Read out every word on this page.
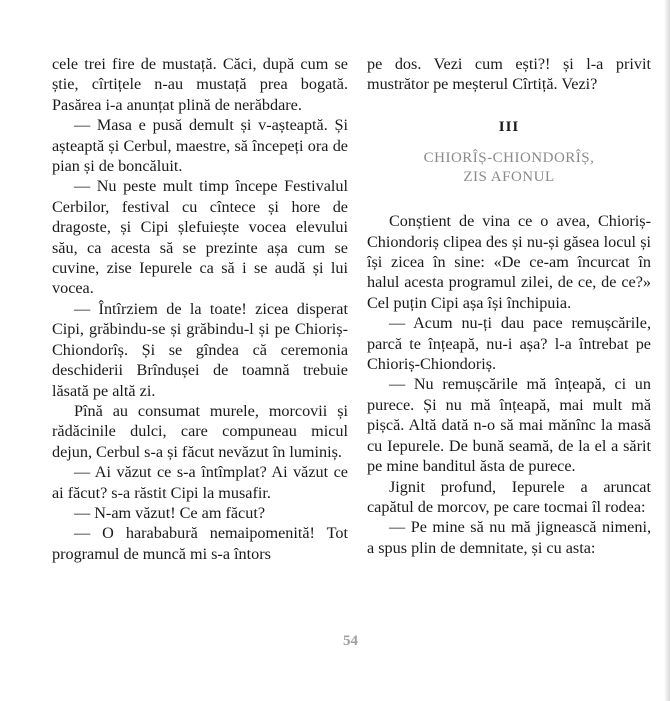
cele trei fire de mustață. Căci, după cum se știe, cîrtițele n-au mustață prea bogată. Pasărea i-a anunțat plină de nerăbdare.

— Masa e pusă demult și v-așteaptă. Și așteaptă și Cerbul, maestre, să începeți ora de pian și de boncăluit.

— Nu peste mult timp începe Festivalul Cerbilor, festival cu cîntece și hore de dragoste, și Cipi șlefuiește vocea elevului său, ca acesta să se prezinte așa cum se cuvine, zise Iepurele ca să i se audă și lui vocea.

— Întîrziem de la toate! zicea disperat Cipi, grăbindu-se și grăbindu-l și pe Chioriș-Chiondorîș. Și se gîndea că ceremonia deschiderii Brîndușei de toamnă trebuie lăsată pe altă zi.

Pînă au consumat murele, morcovii și rădăcinile dulci, care compuneau micul dejun, Cerbul s-a și făcut nevăzut în luminiș.

— Ai văzut ce s-a întîmplat? Ai văzut ce ai făcut? s-a răstit Cipi la musafir.

— N-am văzut! Ce am făcut?

— O harababură nemaipomenită! Tot programul de muncă mi s-a întors

pe dos. Vezi cum ești?! și l-a privit mustrător pe meșterul Cîrtiță. Vezi?

III
CHIORÎȘ-CHIONDORÎȘ,
ZIS AFONUL

Conștient de vina ce o avea, Chioriș-Chiondoriș clipea des și nu-și găsea locul și își zicea în sine: «De ce-am încurcat în halul acesta programul zilei, de ce, de ce?» Cel puțin Cipi așa își închipuia.

— Acum nu-ți dau pace remușcările, parcă te înțeapă, nu-i așa? l-a întrebat pe Chioriș-Chiondoriș.

— Nu remușcările mă înțeapă, ci un purece. Și nu mă înțeapă, mai mult mă pișcă. Altă dată n-o să mai mănînc la masă cu Iepurele. De bună seamă, de la el a sărit pe mine banditul ăsta de purece.

Jignit profund, Iepurele a aruncat capătul de morcov, pe care tocmai îl rodea:

— Pe mine să nu mă jignească nimeni, a spus plin de demnitate, și cu asta:

54
